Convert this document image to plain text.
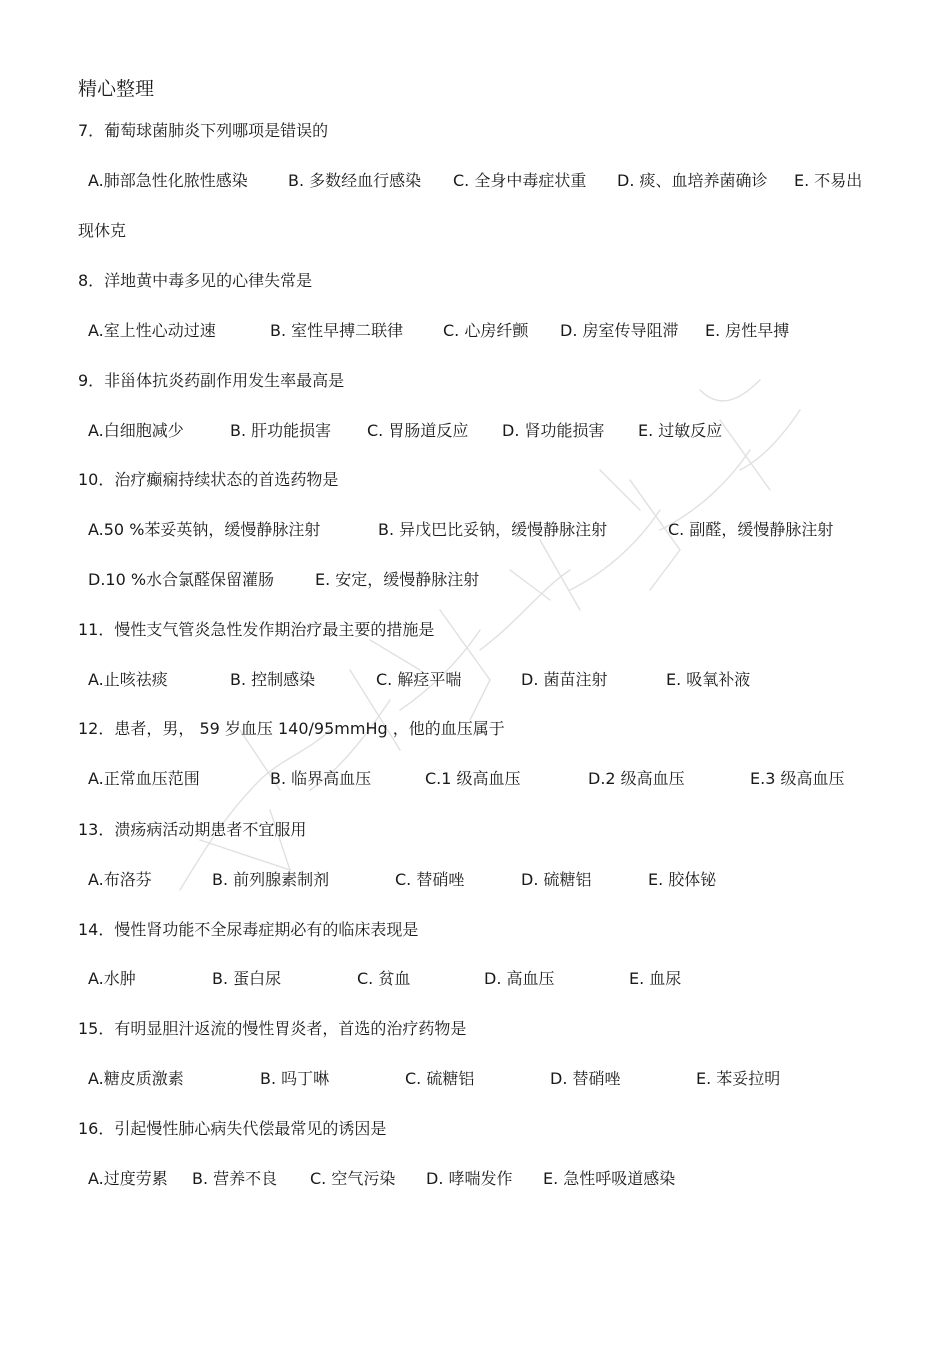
精心整理
7．葡萄球菌肺炎下列哪项是错误的
A.肺部急性化脓性感染	B. 多数经血行感染 C. 全身中毒症状重 D. 痰、血培养菌确诊 E. 不易出
现休克
8．洋地黄中毒多见的心律失常是
A.室上性心动过速	B. 室性早搏二联律 C. 心房纤颤 D. 房室传导阻滞 E. 房性早搏
9．非甾体抗炎药副作用发生率最高是
A.白细胞减少	B. 肝功能损害 C. 胃肠道反应 D. 肾功能损害 E. 过敏反应
10．治疗癫痫持续状态的首选药物是
A.50 %苯妥英钠，缓慢静脉注射	B. 异戊巴比妥钠，缓慢静脉注射	C. 副醛，缓慢静脉注射
D.10 %水合氯醛保留灌肠	E. 安定，缓慢静脉注射
11．慢性支气管炎急性发作期治疗最主要的措施是
A.止咳祛痰	B. 控制感染	C. 解痉平喘	D. 菌苗注射	E. 吸氧补液
12．患者，男， 59 岁血压 140/95mmHg ，他的血压属于
A.正常血压范围	B. 临界高血压	C.1 级高血压	D.2 级高血压	E.3 级高血压
13．溃疡病活动期患者不宜服用
A.布洛芬	B. 前列腺素制剂	C. 替硝唑	D. 硫糖铝	E. 胶体铋
14．慢性肾功能不全尿毒症期必有的临床表现是
A.水肿	B. 蛋白尿	C. 贫血	D. 高血压	E. 血尿
15．有明显胆汁返流的慢性胃炎者，首选的治疗药物是
A.糖皮质激素	B. 吗丁啉	C. 硫糖铝	D. 替硝唑	E. 苯妥拉明
16．引起慢性肺心病失代偿最常见的诱因是
A.过度劳累 B. 营养不良 C. 空气污染 D. 哮喘发作 E. 急性呼吸道感染
